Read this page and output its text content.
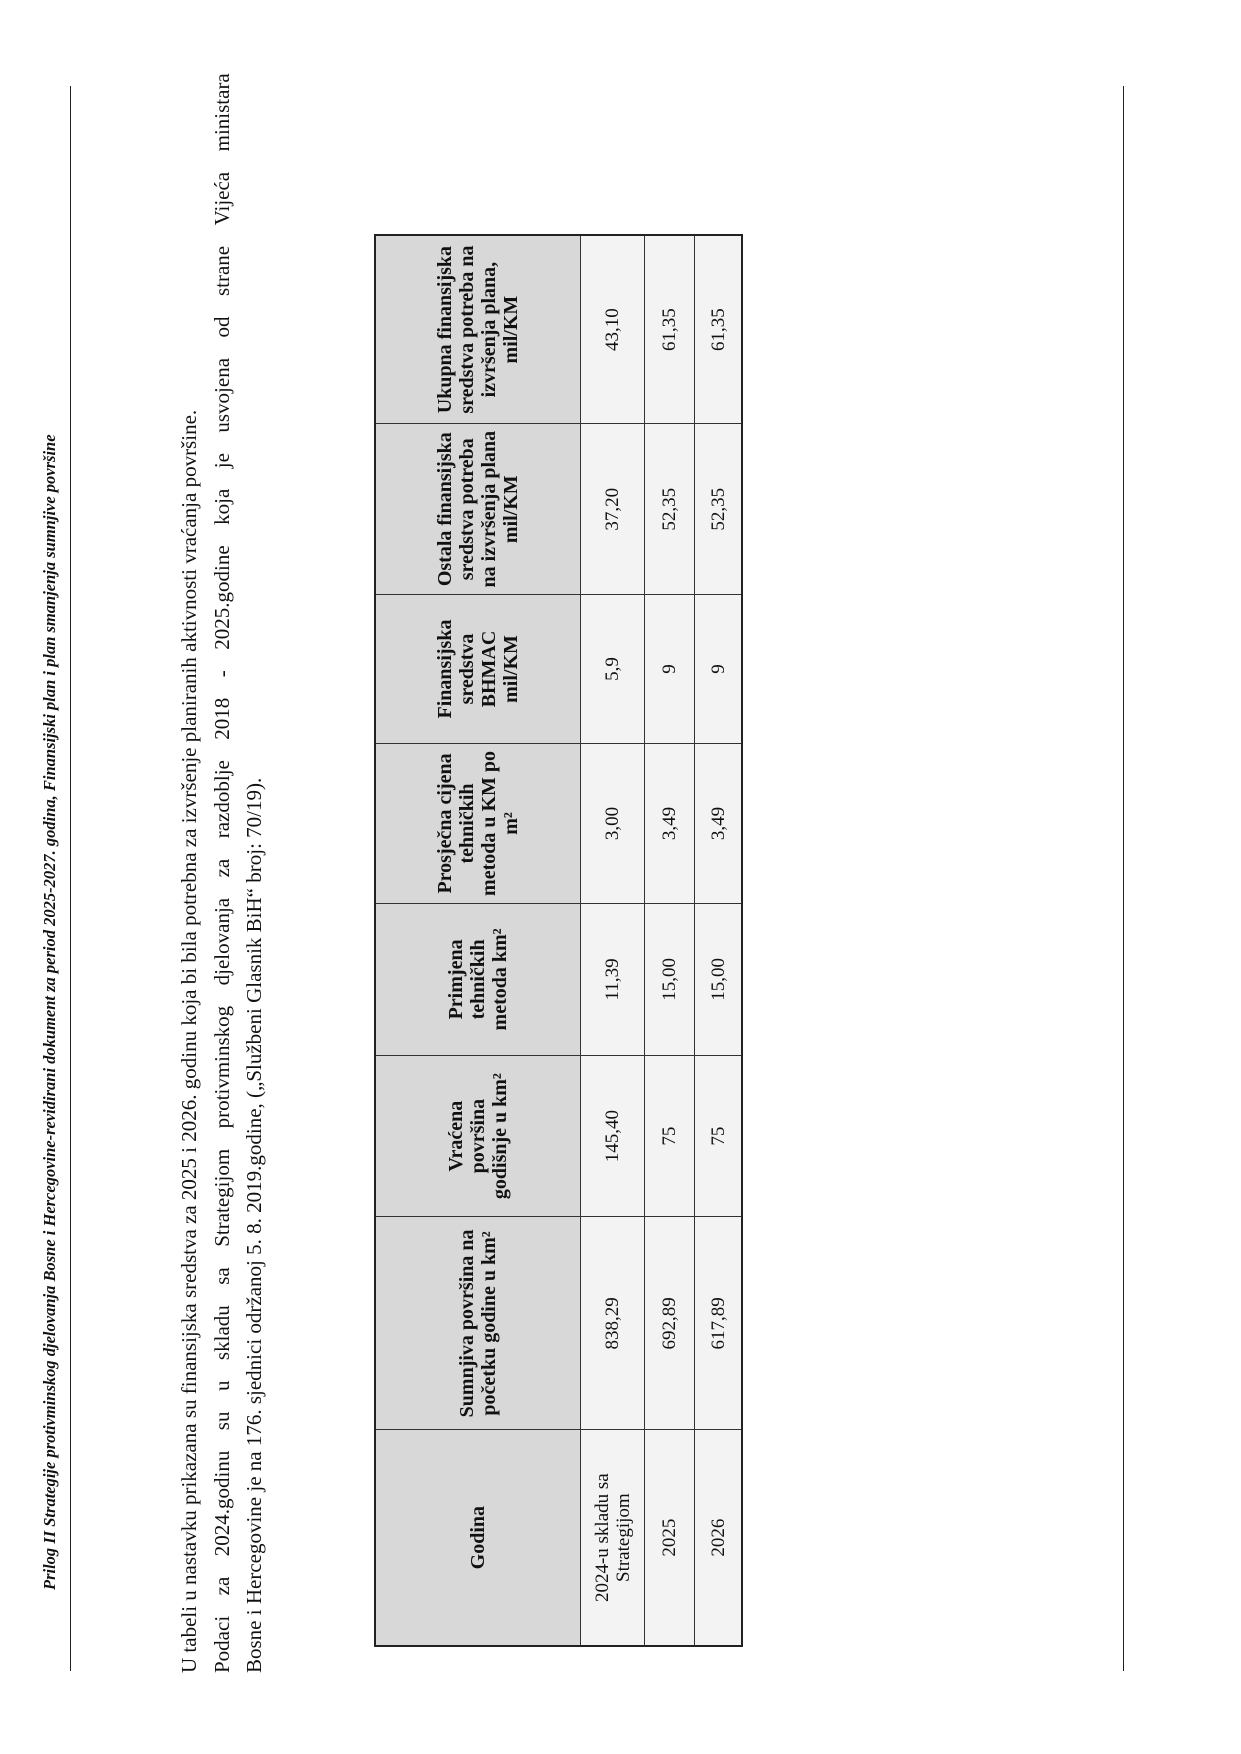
Prilog II Strategije protivminskog djelovanja Bosne i Hercegovine-revidirani dokument za period 2025-2027. godina, Finansijski plan i plan smanjenja sumnjive površine	U tabeli u nastavku prikazana su finansijska sredstva za 2025 i 2026. godinu koja bi bila potrebna za izvršenje planiranih aktivnosti vraćanja površine. Podaci
za
2024.godinu
su
u
skladu
sa
Strategijom
protivminskog
djelovanja
za
razdoblje
2018
-
2025.godine
koja
je
usvojena
od
strane
Vijeća
ministara

Bosne i Hercegovine je na 176. sjednici održanoj 5. 8. 2019.godine, („Službeni Glasnik BiH“ broj: 70/19).	Godina	Sumnjiva površina na početku godine u km²	Vraćena površina godišnje u km²	Primjena tehničkih metoda km²	Prosječna cijena tehničkih metoda u KM po m²	Finansijska sredstva BHMAC mil/KM	Ostala finansijska sredstva potreba na izvršenja plana mil/KM	Ukupna finansijska sredstva potreba na izvršenja plana, mil/KM
2024-u skladu sa Strategijom	838,29	145,40	11,39	3,00	5,9	37,20	43,10
2025	692,89	75	15,00	3,49	9	52,35	61,35
2026	617,89	75	15,00	3,49	9	52,35	61,35
